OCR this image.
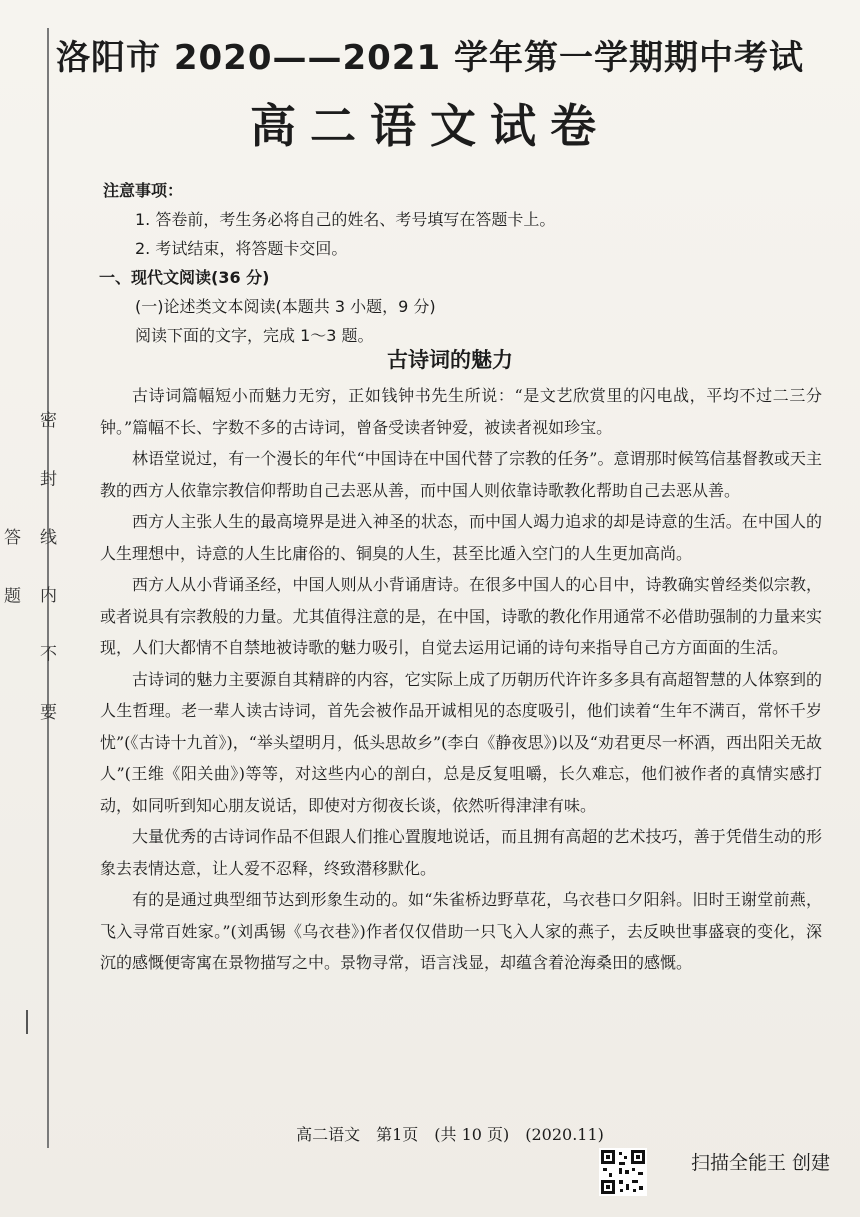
密 封 线 内 不 要 答 题
洛阳市 2020——2021 学年第一学期期中考试
高二语文试卷
注意事项：
1. 答卷前，考生务必将自己的姓名、考号填写在答题卡上。
2. 考试结束，将答题卡交回。
一、现代文阅读(36 分)
(一)论述类文本阅读(本题共 3 小题，9 分)
阅读下面的文字，完成 1～3 题。
古诗词的魅力

古诗词篇幅短小而魅力无穷，正如钱钟书先生所说：“是文艺欣赏里的闪电战，平均不过二三分钟。”篇幅不长、字数不多的古诗词，曾备受读者钟爱，被读者视如珍宝。

林语堂说过，有一个漫长的年代“中国诗在中国代替了宗教的任务”。意谓那时候笃信基督教或天主教的西方人依靠宗教信仰帮助自己去恶从善，而中国人则依靠诗歌教化帮助自己去恶从善。

西方人主张人生的最高境界是进入神圣的状态，而中国人竭力追求的却是诗意的生活。在中国人的人生理想中，诗意的人生比庸俗的、铜臭的人生，甚至比遁入空门的人生更加高尚。

西方人从小背诵圣经，中国人则从小背诵唐诗。在很多中国人的心目中，诗教确实曾经类似宗教，或者说具有宗教般的力量。尤其值得注意的是，在中国，诗歌的教化作用通常不必借助强制的力量来实现，人们大都情不自禁地被诗歌的魅力吸引，自觉去运用记诵的诗句来指导自己方方面面的生活。

古诗词的魅力主要源自其精辟的内容，它实际上成了历朝历代许许多多具有高超智慧的人体察到的人生哲理。老一辈人读古诗词，首先会被作品开诚相见的态度吸引，他们读着“生年不满百，常怀千岁忧”(《古诗十九首》)，“举头望明月，低头思故乡”(李白《静夜思》)以及“劝君更尽一杯酒，西出阳关无故人”(王维《阳关曲》)等等，对这些内心的剖白，总是反复咀嚼，长久难忘，他们被作者的真情实感打动，如同听到知心朋友说话，即使对方彻夜长谈，依然听得津津有味。

大量优秀的古诗词作品不但跟人们推心置腹地说话，而且拥有高超的艺术技巧，善于凭借生动的形象去表情达意，让人爱不忍释，终致潜移默化。

有的是通过典型细节达到形象生动的。如“朱雀桥边野草花，乌衣巷口夕阳斜。旧时王谢堂前燕，飞入寻常百姓家。”(刘禹锡《乌衣巷》)作者仅仅借助一只飞入人家的燕子，去反映世事盛衰的变化，深沉的感慨便寄寓在景物描写之中。景物寻常，语言浅显，却蕴含着沧海桑田的感慨。

高二语文　第1页　(共 10 页)　(2020.11)
扫描全能王 创建
